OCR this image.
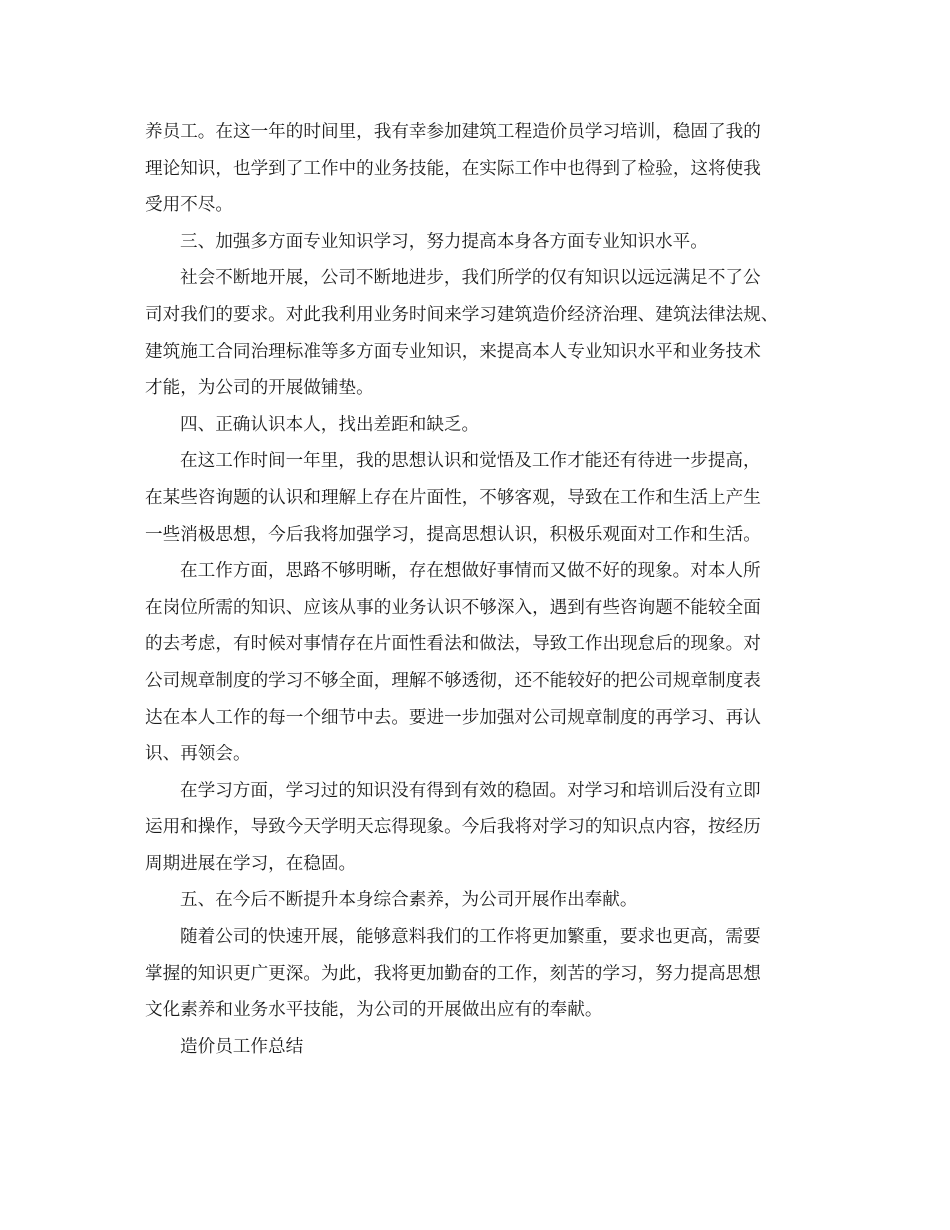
养员工。在这一年的时间里，我有幸参加建筑工程造价员学习培训，稳固了我的
理论知识，也学到了工作中的业务技能，在实际工作中也得到了检验，这将使我
受用不尽。
三、加强多方面专业知识学习，努力提高本身各方面专业知识水平。
社会不断地开展，公司不断地进步，我们所学的仅有知识以远远满足不了公
司对我们的要求。对此我利用业务时间来学习建筑造价经济治理、建筑法律法规、
建筑施工合同治理标准等多方面专业知识，来提高本人专业知识水平和业务技术
才能，为公司的开展做铺垫。
四、正确认识本人，找出差距和缺乏。
在这工作时间一年里，我的思想认识和觉悟及工作才能还有待进一步提高，
在某些咨询题的认识和理解上存在片面性，不够客观，导致在工作和生活上产生
一些消极思想，今后我将加强学习，提高思想认识，积极乐观面对工作和生活。
在工作方面，思路不够明晰，存在想做好事情而又做不好的现象。对本人所
在岗位所需的知识、应该从事的业务认识不够深入，遇到有些咨询题不能较全面
的去考虑，有时候对事情存在片面性看法和做法，导致工作出现怠后的现象。对
公司规章制度的学习不够全面，理解不够透彻，还不能较好的把公司规章制度表
达在本人工作的每一个细节中去。要进一步加强对公司规章制度的再学习、再认
识、再领会。
在学习方面，学习过的知识没有得到有效的稳固。对学习和培训后没有立即
运用和操作，导致今天学明天忘得现象。今后我将对学习的知识点内容，按经历
周期进展在学习，在稳固。
五、在今后不断提升本身综合素养，为公司开展作出奉献。
随着公司的快速开展，能够意料我们的工作将更加繁重，要求也更高，需要
掌握的知识更广更深。为此，我将更加勤奋的工作，刻苦的学习，努力提高思想
文化素养和业务水平技能，为公司的开展做出应有的奉献。
造价员工作总结
